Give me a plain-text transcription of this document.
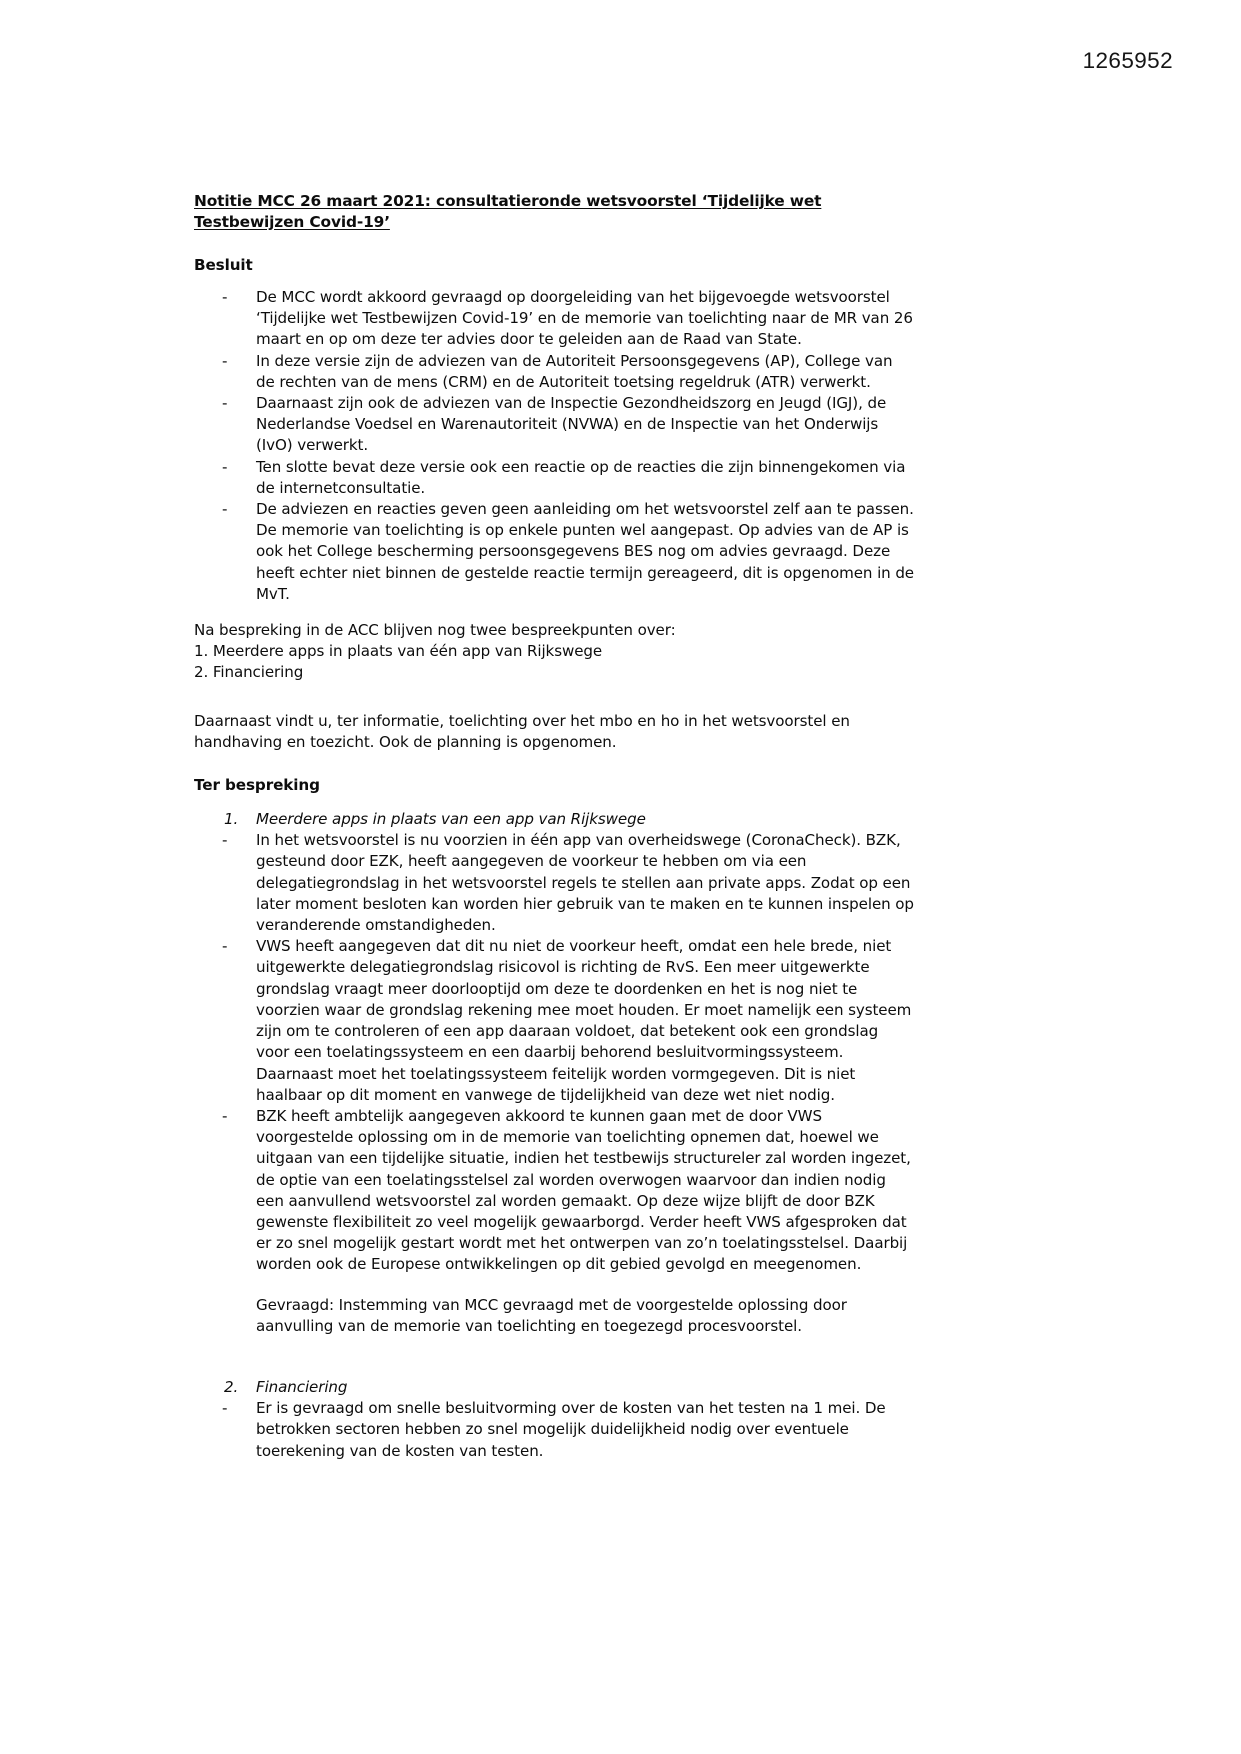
1265952
Notitie MCC 26 maart 2021: consultatieronde wetsvoorstel ‘Tijdelijke wet Testbewijzen Covid-19’
Besluit
- De MCC wordt akkoord gevraagd op doorgeleiding van het bijgevoegde wetsvoorstel ‘Tijdelijke wet Testbewijzen Covid-19’ en de memorie van toelichting naar de MR van 26 maart en op om deze ter advies door te geleiden aan de Raad van State.
- In deze versie zijn de adviezen van de Autoriteit Persoonsgegevens (AP), College van de rechten van de mens (CRM) en de Autoriteit toetsing regeldruk (ATR) verwerkt.
- Daarnaast zijn ook de adviezen van de Inspectie Gezondheidszorg en Jeugd (IGJ), de Nederlandse Voedsel en Warenautoriteit (NVWA) en de Inspectie van het Onderwijs (IvO) verwerkt.
- Ten slotte bevat deze versie ook een reactie op de reacties die zijn binnengekomen via de internetconsultatie.
- De adviezen en reacties geven geen aanleiding om het wetsvoorstel zelf aan te passen. De memorie van toelichting is op enkele punten wel aangepast. Op advies van de AP is ook het College bescherming persoonsgegevens BES nog om advies gevraagd. Deze heeft echter niet binnen de gestelde reactie termijn gereageerd, dit is opgenomen in de MvT.
Na bespreking in de ACC blijven nog twee bespreekpunten over:
1. Meerdere apps in plaats van één app van Rijkswege
2. Financiering
Daarnaast vindt u, ter informatie, toelichting over het mbo en ho in het wetsvoorstel en handhaving en toezicht. Ook de planning is opgenomen.
Ter bespreking
Meerdere apps in plaats van een app van Rijkswege
- In het wetsvoorstel is nu voorzien in één app van overheidswege (CoronaCheck). BZK, gesteund door EZK, heeft aangegeven de voorkeur te hebben om via een delegatiegrondslag in het wetsvoorstel regels te stellen aan private apps. Zodat op een later moment besloten kan worden hier gebruik van te maken en te kunnen inspelen op veranderende omstandigheden.
- VWS heeft aangegeven dat dit nu niet de voorkeur heeft, omdat een hele brede, niet uitgewerkte delegatiegrondslag risicovol is richting de RvS. Een meer uitgewerkte grondslag vraagt meer doorlooptijd om deze te doordenken en het is nog niet te voorzien waar de grondslag rekening mee moet houden. Er moet namelijk een systeem zijn om te controleren of een app daaraan voldoet, dat betekent ook een grondslag voor een toelatingssysteem en een daarbij behorend besluitvormingssysteem. Daarnaast moet het toelatingssysteem feitelijk worden vormgegeven. Dit is niet haalbaar op dit moment en vanwege de tijdelijkheid van deze wet niet nodig.
- BZK heeft ambtelijk aangegeven akkoord te kunnen gaan met de door VWS voorgestelde oplossing om in de memorie van toelichting opnemen dat, hoewel we uitgaan van een tijdelijke situatie, indien het testbewijs structureler zal worden ingezet, de optie van een toelatingsstelsel zal worden overwogen waarvoor dan indien nodig een aanvullend wetsvoorstel zal worden gemaakt. Op deze wijze blijft de door BZK gewenste flexibiliteit zo veel mogelijk gewaarborgd. Verder heeft VWS afgesproken dat er zo snel mogelijk gestart wordt met het ontwerpen van zo’n toelatingsstelsel. Daarbij worden ook de Europese ontwikkelingen op dit gebied gevolgd en meegenomen.
Gevraagd: Instemming van MCC gevraagd met de voorgestelde oplossing door aanvulling van de memorie van toelichting en toegezegd procesvoorstel.
Financiering
- Er is gevraagd om snelle besluitvorming over de kosten van het testen na 1 mei. De betrokken sectoren hebben zo snel mogelijk duidelijkheid nodig over eventuele toerekening van de kosten van testen.
